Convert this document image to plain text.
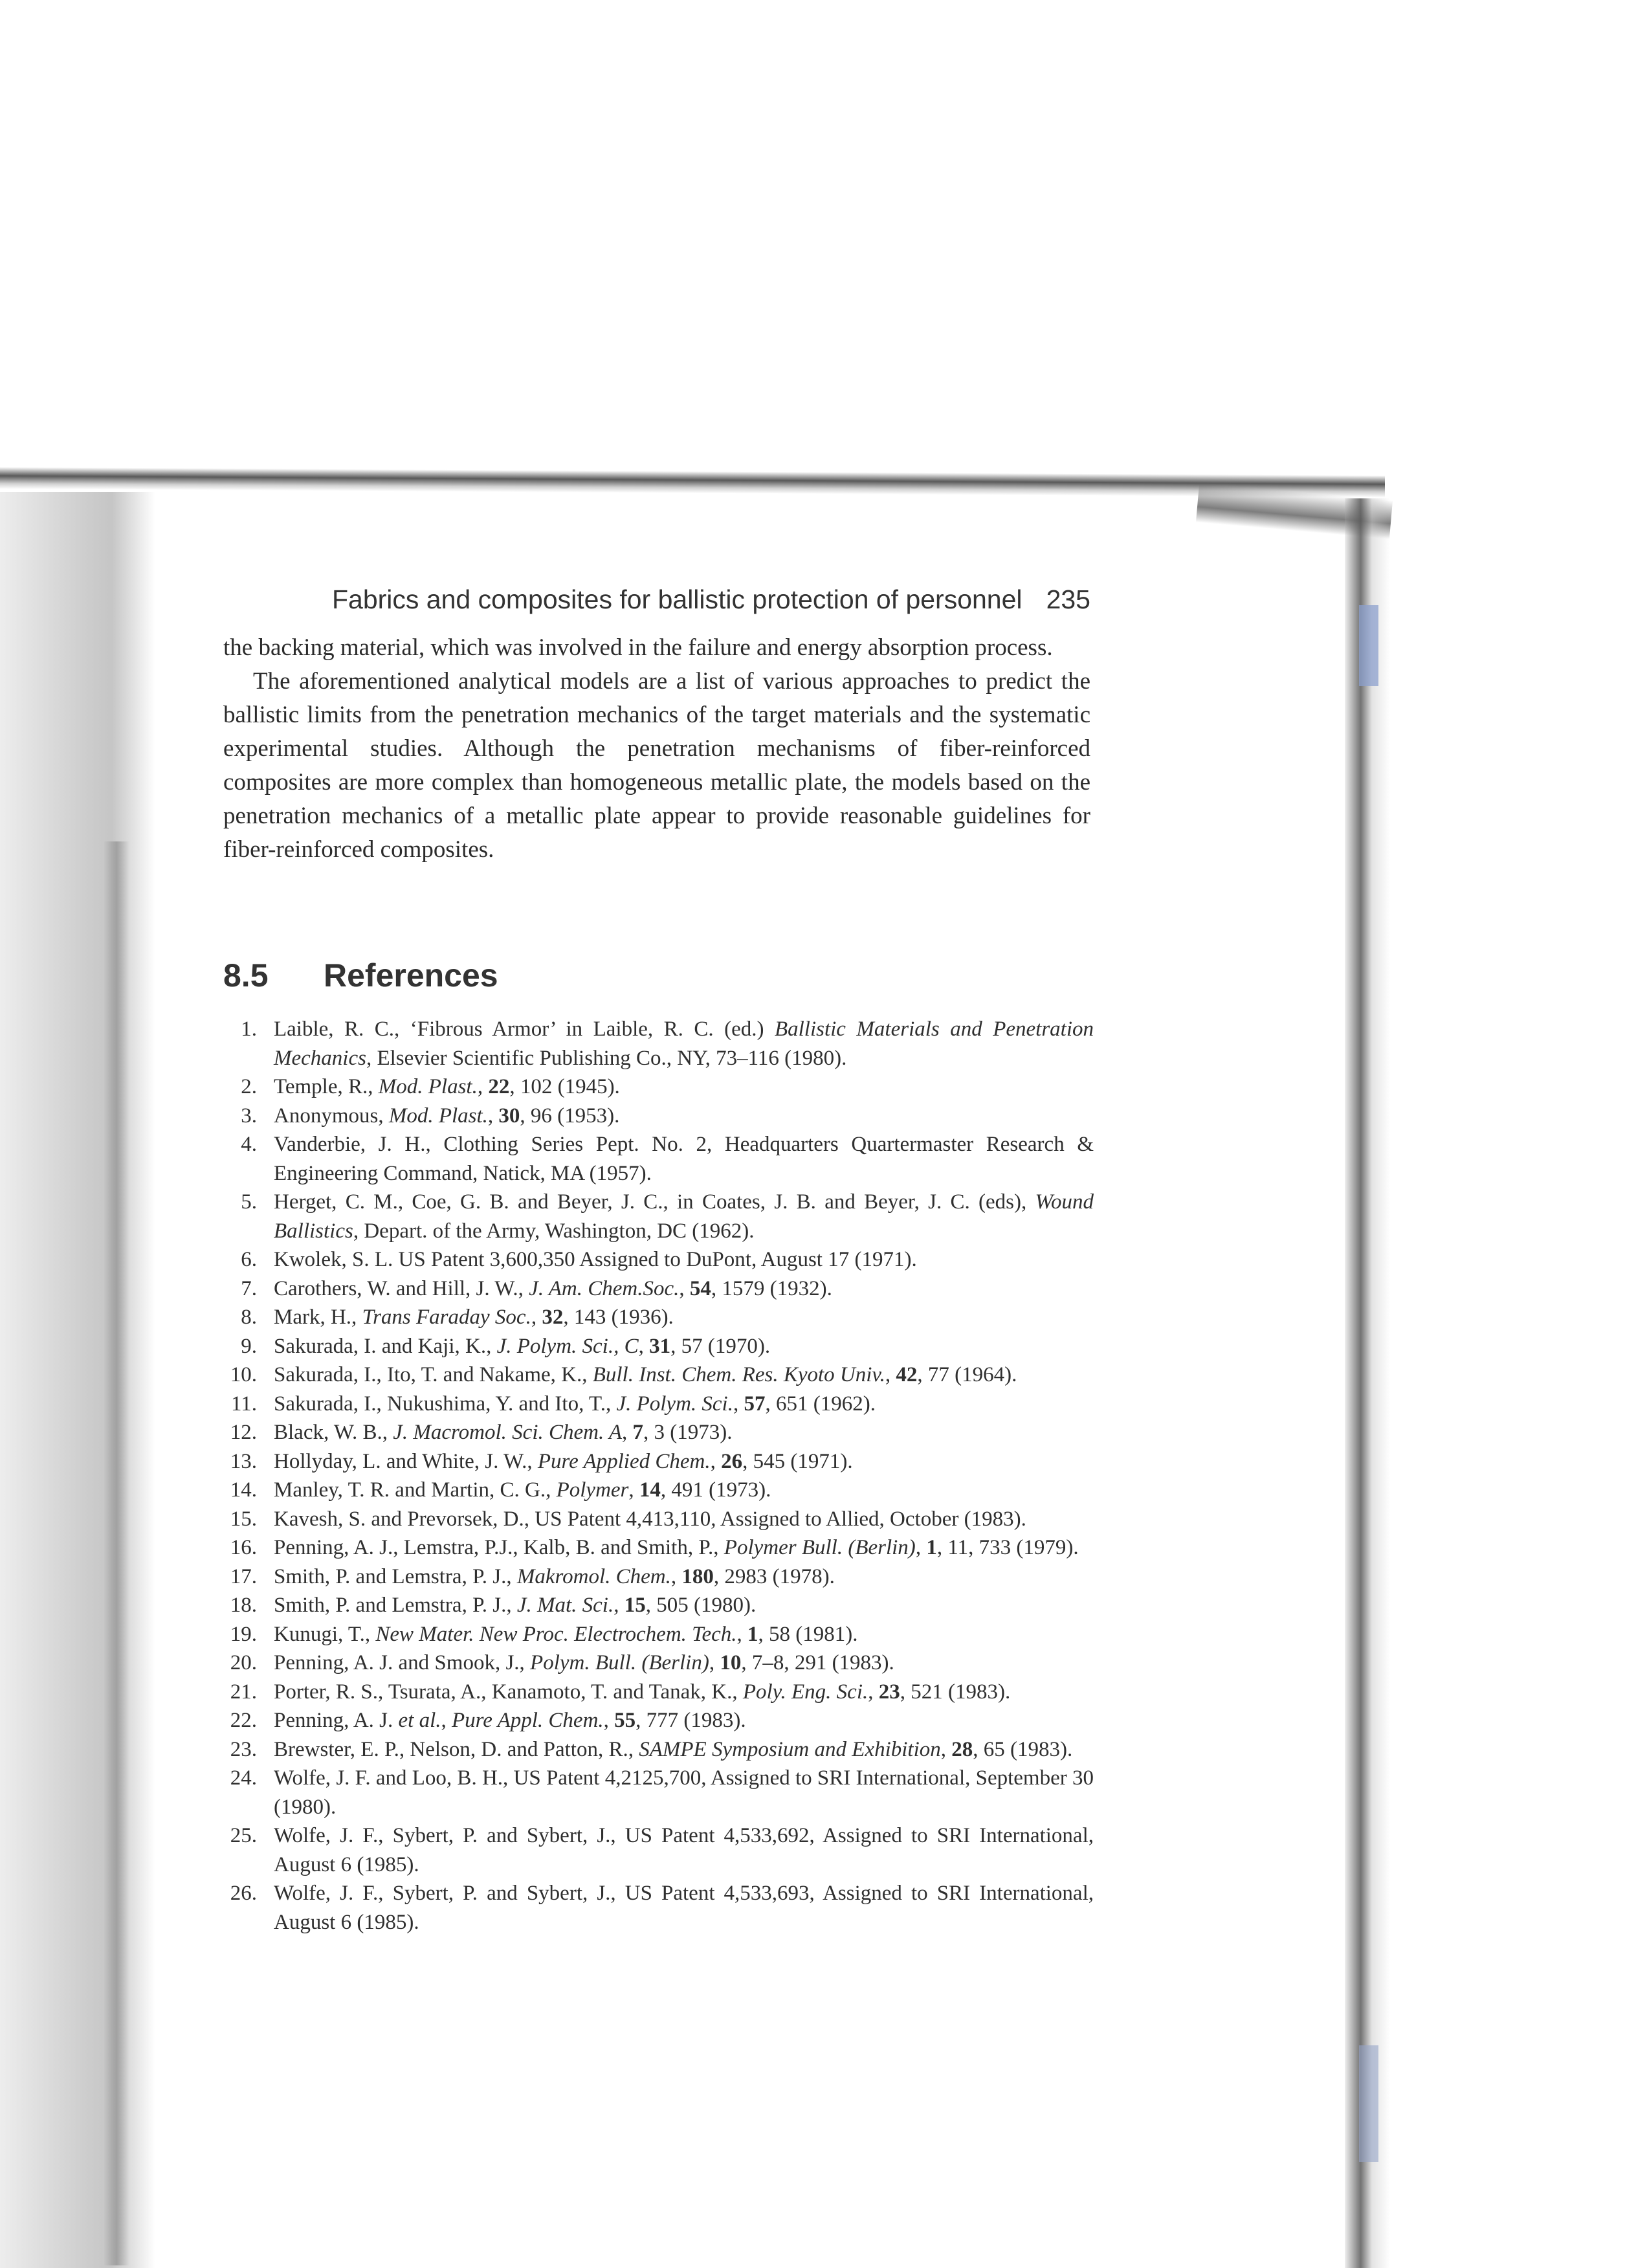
Fabrics and composites for ballistic protection of personnel 235

the backing material, which was involved in the failure and energy absorption process.

The aforementioned analytical models are a list of various approaches to predict the ballistic limits from the penetration mechanics of the target materials and the systematic experimental studies. Although the penetration mechanisms of fiber-reinforced composites are more complex than homogeneous metallic plate, the models based on the penetration mechanics of a metallic plate appear to provide reasonable guidelines for fiber-reinforced composites.

8.5 References
1. Laible, R. C., ‘Fibrous Armor’ in Laible, R. C. (ed.) Ballistic Materials and Penetration Mechanics, Elsevier Scientific Publishing Co., NY, 73–116 (1980).
2. Temple, R., Mod. Plast., 22, 102 (1945).
3. Anonymous, Mod. Plast., 30, 96 (1953).
4. Vanderbie, J. H., Clothing Series Pept. No. 2, Headquarters Quartermaster Research & Engineering Command, Natick, MA (1957).
5. Herget, C. M., Coe, G. B. and Beyer, J. C., in Coates, J. B. and Beyer, J. C. (eds), Wound Ballistics, Depart. of the Army, Washington, DC (1962).
6. Kwolek, S. L. US Patent 3,600,350 Assigned to DuPont, August 17 (1971).
7. Carothers, W. and Hill, J. W., J. Am. Chem.Soc., 54, 1579 (1932).
8. Mark, H., Trans Faraday Soc., 32, 143 (1936).
9. Sakurada, I. and Kaji, K., J. Polym. Sci., C, 31, 57 (1970).
10. Sakurada, I., Ito, T. and Nakame, K., Bull. Inst. Chem. Res. Kyoto Univ., 42, 77 (1964).
11. Sakurada, I., Nukushima, Y. and Ito, T., J. Polym. Sci., 57, 651 (1962).
12. Black, W. B., J. Macromol. Sci. Chem. A, 7, 3 (1973).
13. Hollyday, L. and White, J. W., Pure Applied Chem., 26, 545 (1971).
14. Manley, T. R. and Martin, C. G., Polymer, 14, 491 (1973).
15. Kavesh, S. and Prevorsek, D., US Patent 4,413,110, Assigned to Allied, October (1983).
16. Penning, A. J., Lemstra, P.J., Kalb, B. and Smith, P., Polymer Bull. (Berlin), 1, 11, 733 (1979).
17. Smith, P. and Lemstra, P. J., Makromol. Chem., 180, 2983 (1978).
18. Smith, P. and Lemstra, P. J., J. Mat. Sci., 15, 505 (1980).
19. Kunugi, T., New Mater. New Proc. Electrochem. Tech., 1, 58 (1981).
20. Penning, A. J. and Smook, J., Polym. Bull. (Berlin), 10, 7–8, 291 (1983).
21. Porter, R. S., Tsurata, A., Kanamoto, T. and Tanak, K., Poly. Eng. Sci., 23, 521 (1983).
22. Penning, A. J. et al., Pure Appl. Chem., 55, 777 (1983).
23. Brewster, E. P., Nelson, D. and Patton, R., SAMPE Symposium and Exhibition, 28, 65 (1983).
24. Wolfe, J. F. and Loo, B. H., US Patent 4,2125,700, Assigned to SRI International, September 30 (1980).
25. Wolfe, J. F., Sybert, P. and Sybert, J., US Patent 4,533,692, Assigned to SRI International, August 6 (1985).
26. Wolfe, J. F., Sybert, P. and Sybert, J., US Patent 4,533,693, Assigned to SRI International, August 6 (1985).
